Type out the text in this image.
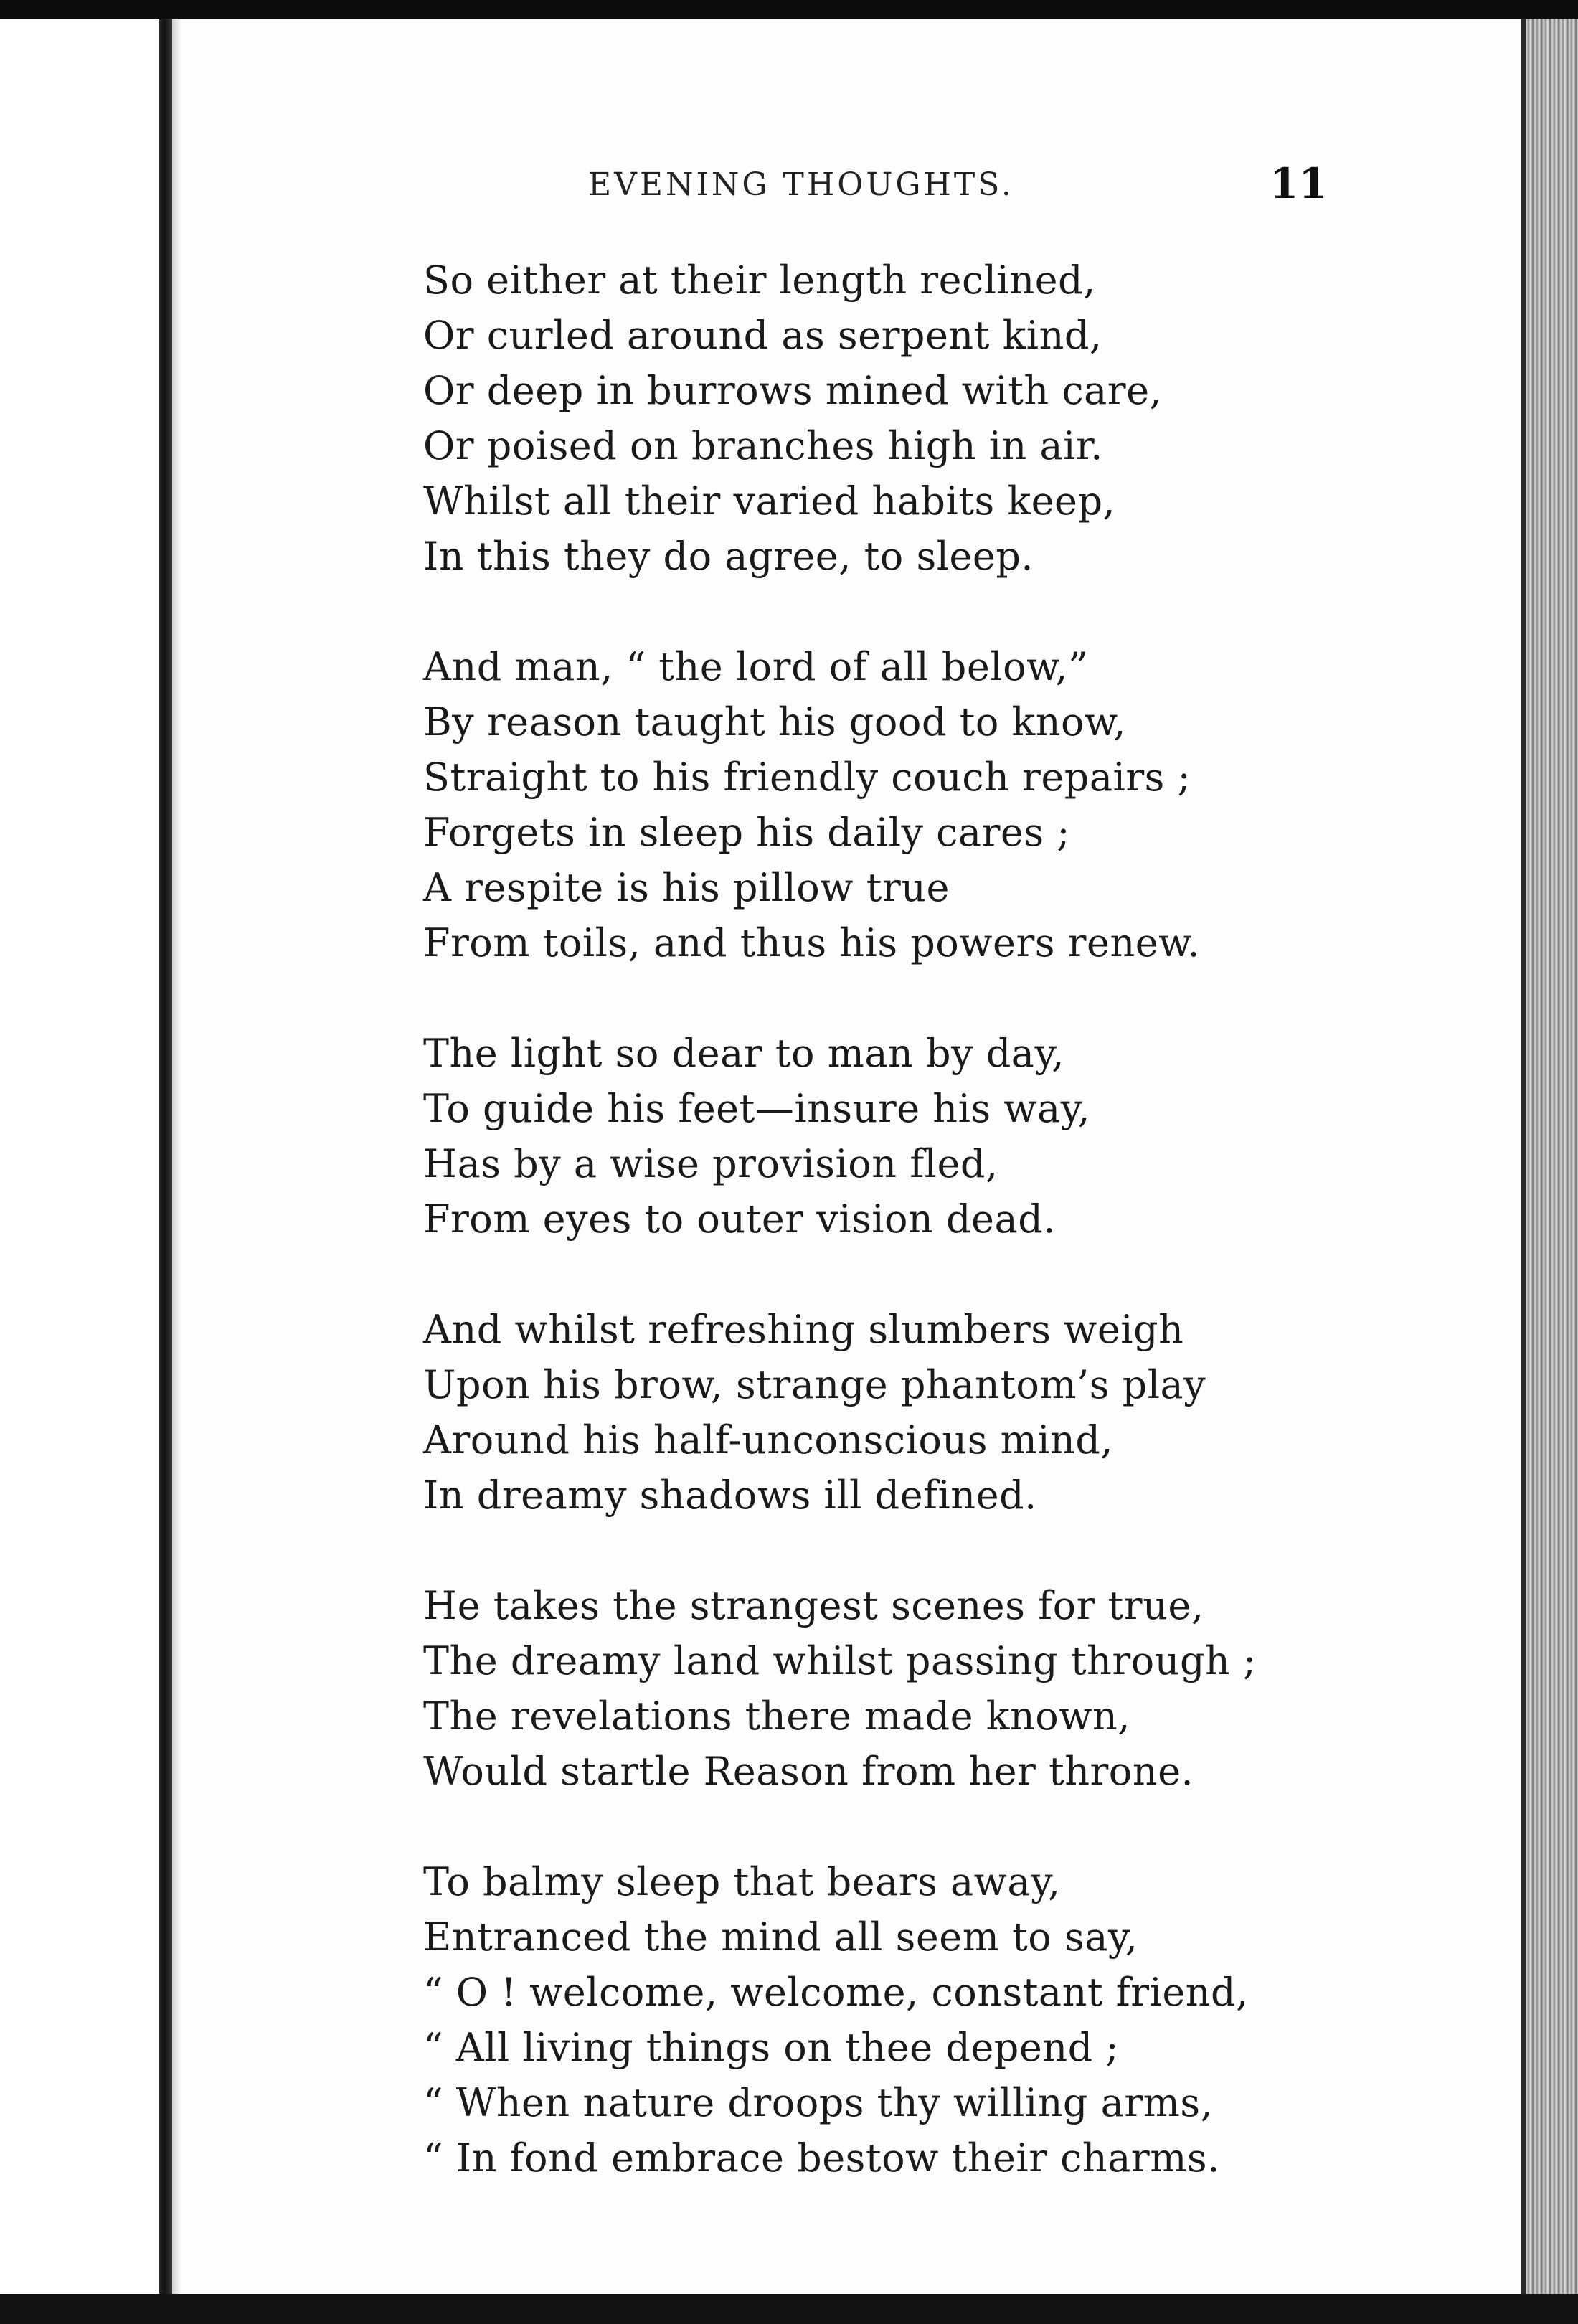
EVENING THOUGHTS.	11
So either at their length reclined,
Or curled around as serpent kind,
Or deep in burrows mined with care,
Or poised on branches high in air.
Whilst all their varied habits keep,
In this they do agree, to sleep.
And man, “ the lord of all below,”
By reason taught his good to know,
Straight to his friendly couch repairs ;
Forgets in sleep his daily cares ;
A respite is his pillow true
From toils, and thus his powers renew.
The light so dear to man by day,
To guide his feet—insure his way,
Has by a wise provision fled,
From eyes to outer vision dead.
And whilst refreshing slumbers weigh
Upon his brow, strange phantom’s play
Around his half-unconscious mind,
In dreamy shadows ill defined.
He takes the strangest scenes for true,
The dreamy land whilst passing through ;
The revelations there made known,
Would startle Reason from her throne.
To balmy sleep that bears away,
Entranced the mind all seem to say,
“ O ! welcome, welcome, constant friend,
“ All living things on thee depend ;
“ When nature droops thy willing arms,
“ In fond embrace bestow their charms.
